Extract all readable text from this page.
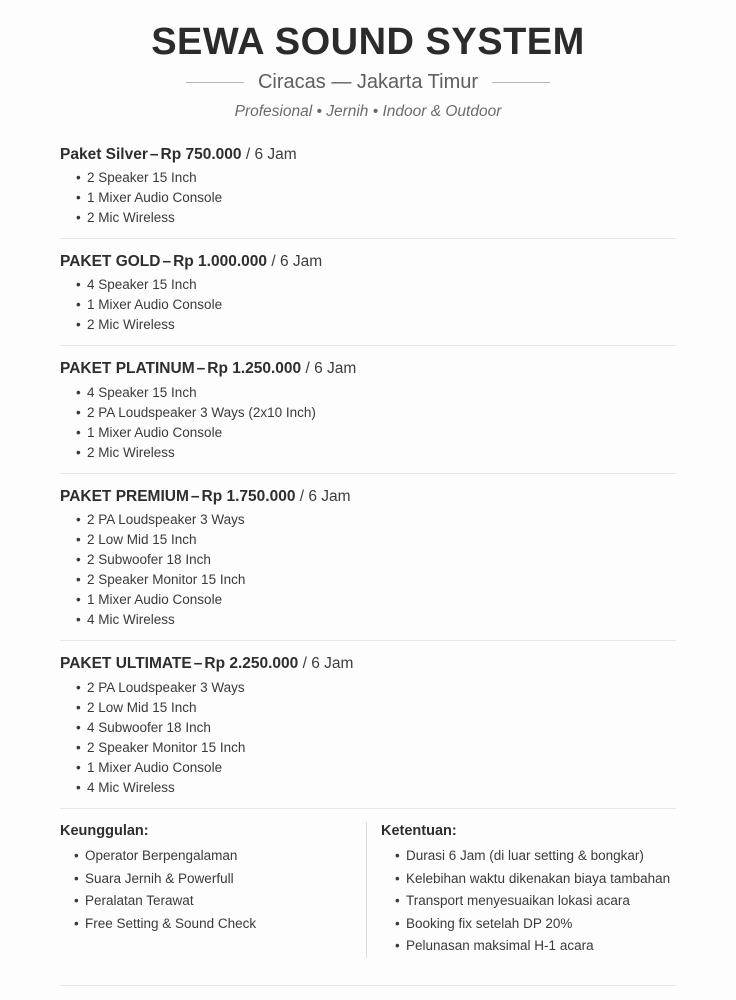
SEWA SOUND SYSTEM
Ciracas — Jakarta Timur
Profesional • Jernih • Indoor & Outdoor
Paket Silver – Rp 750.000 / 6 Jam
• 2 Speaker 15 Inch
• 1 Mixer Audio Console
• 2 Mic Wireless
PAKET GOLD – Rp 1.000.000 / 6 Jam
• 4 Speaker 15 Inch
• 1 Mixer Audio Console
• 2 Mic Wireless
PAKET PLATINUM – Rp 1.250.000 / 6 Jam
• 4 Speaker 15 Inch
• 2 PA Loudspeaker 3 Ways (2x10 Inch)
• 1 Mixer Audio Console
• 2 Mic Wireless
PAKET PREMIUM – Rp 1.750.000 / 6 Jam
• 2 PA Loudspeaker 3 Ways
• 2 Low Mid 15 Inch
• 2 Subwoofer 18 Inch
• 2 Speaker Monitor 15 Inch
• 1 Mixer Audio Console
• 4 Mic Wireless
PAKET ULTIMATE – Rp 2.250.000 / 6 Jam
• 2 PA Loudspeaker 3 Ways
• 2 Low Mid 15 Inch
• 4 Subwoofer 18 Inch
• 2 Speaker Monitor 15 Inch
• 1 Mixer Audio Console
• 4 Mic Wireless
Keunggulan:
• Operator Berpengalaman
• Suara Jernih & Powerfull
• Peralatan Terawat
• Free Setting & Sound Check
Ketentuan:
• Durasi 6 Jam (di luar setting & bongkar)
• Kelebihan waktu dikenakan biaya tambahan
• Transport menyesuaikan lokasi acara
• Booking fix setelah DP 20%
• Pelunasan maksimal H-1 acara
